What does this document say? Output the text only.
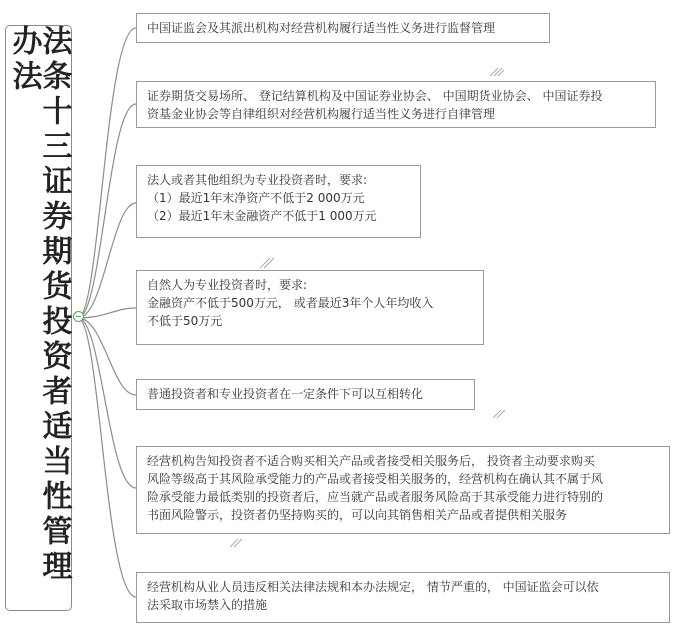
法条十三证券期货投资者适当性管理办法	中国证监会及其派出机构对经营机构履行适当性义务进行监督管理
证券期货交易场所、 登记结算机构及中国证券业协会、 中国期货业协会、 中国证券投
资基金业协会等自律组织对经营机构履行适当性义务进行自律管理
法人或者其他组织为专业投资者时，要求:
（1）最近1年末净资产不低于2 000万元
（2）最近1年末金融资产不低于1 000万元
自然人为专业投资者时，要求:
金融资产不低于500万元， 或者最近3年个人年均收入
不低于50万元
普通投资者和专业投资者在一定条件下可以互相转化
经营机构告知投资者不适合购买相关产品或者接受相关服务后， 投资者主动要求购买
风险等级高于其风险承受能力的产品或者接受相关服务的，经营机构在确认其不属于风
险承受能力最低类别的投资者后，应当就产品或者服务风险高于其承受能力进行特别的
书面风险警示，投资者仍坚持购买的，可以向其销售相关产品或者提供相关服务
经营机构从业人员违反相关法律法规和本办法规定， 情节严重的， 中国证监会可以依
法采取市场禁入的措施
